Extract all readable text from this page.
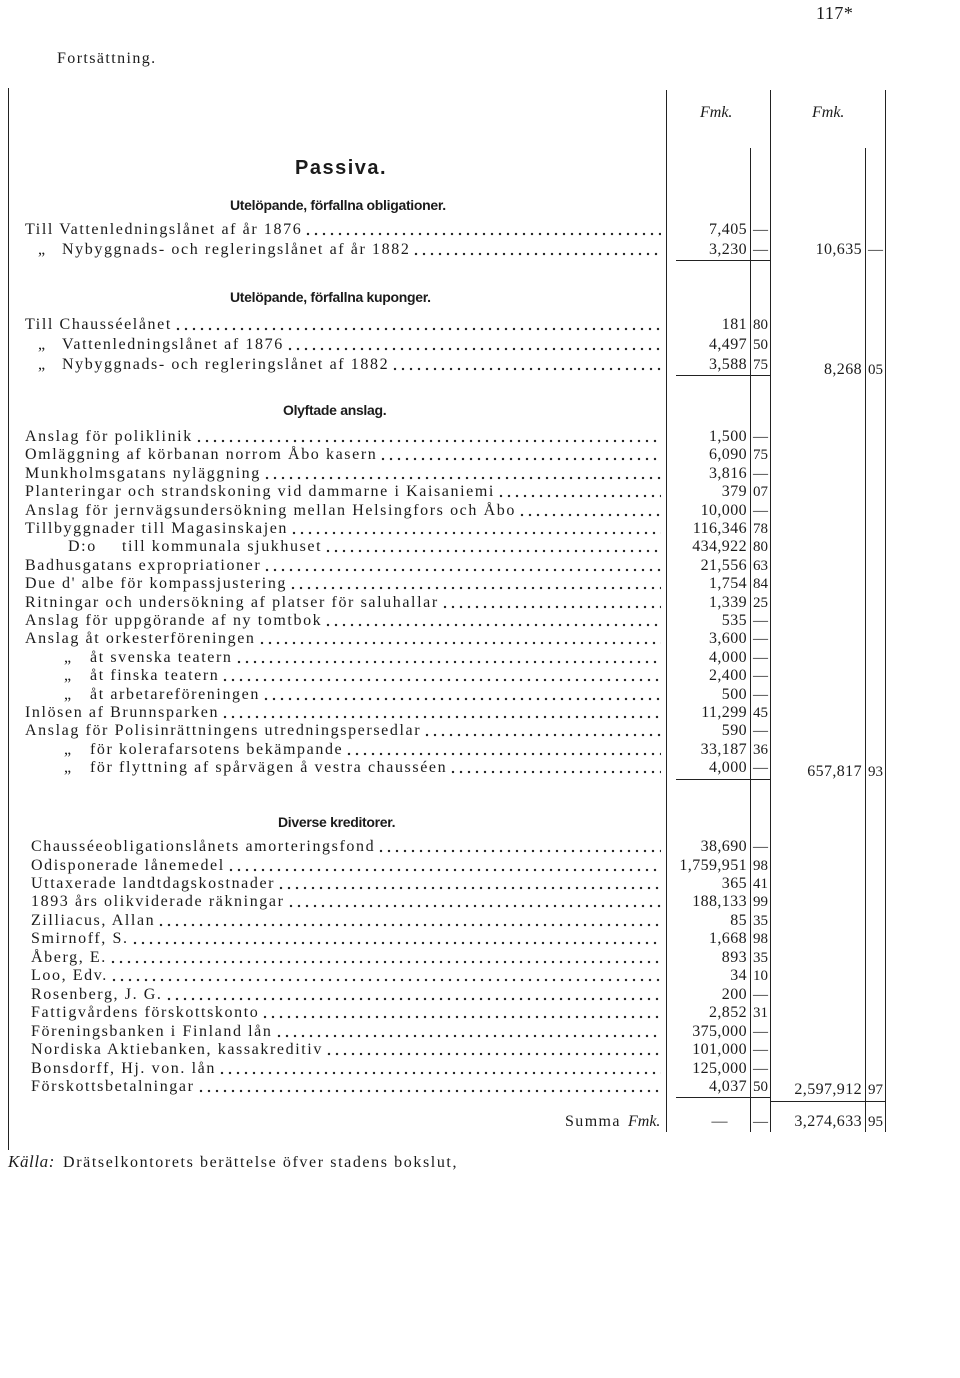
117*
Fortsättning.
Fmk.	Fmk.
Passiva.
Summa Fmk.	—	—	3,274,633 95
Källa: Drätselkontorets berättelse öfver stadens bokslut,
Utelöpande, förfallna obligationer.
Till Vattenledningslånet af år 1876	7,405 —
„ Nybyggnads- och regleringslånet af år 1882	3,230 —	10,635 —
Utelöpande, förfallna kuponger.
Till Chausséelånet	181 80
„ Vattenledningslånet af 1876	4,497 50
„ Nybyggnads- och regleringslånet af 1882	3,588 75	8,268 05
Olyftade anslag.
Anslag för poliklinik	1,500 —
Omläggning af körbanan norrom Åbo kasern	6,090 75
Munkholmsgatans nyläggning	3,816 —
Planteringar och strandskoning vid dammarne i Kaisaniemi	379 07
Anslag för jernvägsundersökning mellan Helsingfors och Åbo	10,000 —
Tillbyggnader till Magasinskajen	116,346 78
D:o till kommunala sjukhuset	434,922 80
Badhusgatans expropriationer	21,556 63
Due d' albe för kompassjustering	1,754 84
Ritningar och undersökning af platser för saluhallar	1,339 25
Anslag för uppgörande af ny tomtbok	535 —
Anslag åt orkesterföreningen	3,600 —
„ åt svenska teatern	4,000 —
„ åt finska teatern	2,400 —
„ åt arbetareföreningen	500 —
Inlösen af Brunnsparken	11,299 45
Anslag för Polisinrättningens utredningspersedlar	590 —
„ för kolerafarsotens bekämpande	33,187 36
„ för flyttning af spårvägen å vestra chausséen	4,000 —	657,817 93
Diverse kreditorer.
Chausséeobligationslånets amorteringsfond	38,690 —
Odisponerade lånemedel	1,759,951 98
Uttaxerade landtdagskostnader	365 41
1893 års olikviderade räkningar	188,133 99
Zilliacus, Allan	85 35
Smirnoff, S.	1,668 98
Åberg, E.	893 35
Loo, Edv.	34 10
Rosenberg, J. G.	200 —
Fattigvårdens förskottskonto	2,852 31
Föreningsbanken i Finland lån	375,000 —
Nordiska Aktiebanken, kassakreditiv	101,000 —
Bonsdorff, Hj. von. lån	125,000 —
Förskottsbetalningar	4,037 50	2,597,912 97
